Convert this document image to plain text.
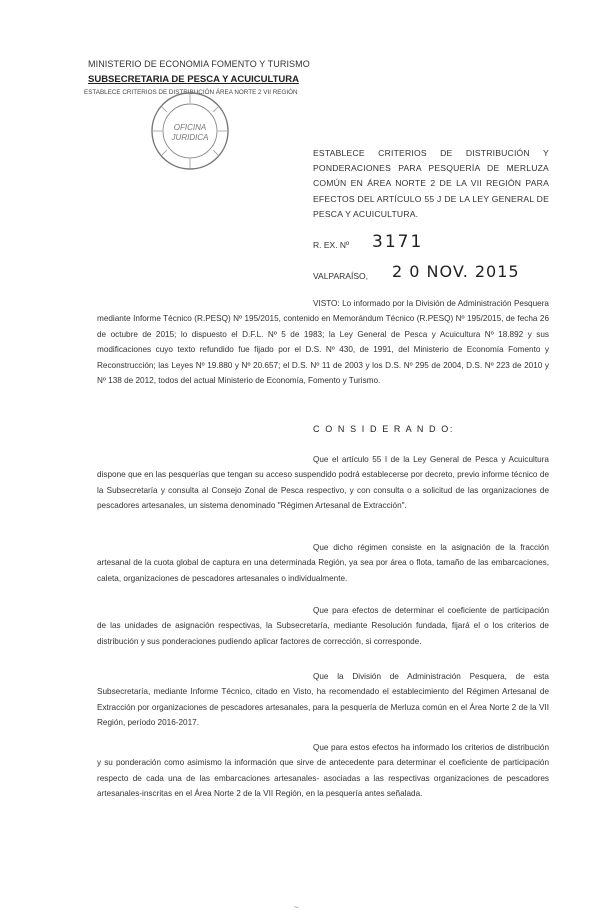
MINISTERIO DE ECONOMIA FOMENTO Y TURISMO
SUBSECRETARIA DE PESCA Y ACUICULTURA
ESTABLECE CRITERIOS DE DISTRIBUCIÓN ÁREA NORTE 2 VII REGIÓN
OFICINA
JURIDICA
ESTABLECE CRITERIOS DE DISTRIBUCIÓN Y PONDERACIONES PARA PESQUERÍA DE MERLUZA COMÚN EN ÁREA NORTE 2 DE LA VII REGIÓN PARA EFECTOS DEL ARTÍCULO 55 J DE LA LEY GENERAL DE PESCA Y ACUICULTURA.
R. EX. Nº 3171
VALPARAÍSO, 2 0 NOV. 2015
VISTO: Lo informado por la División de Administración Pesquera mediante Informe Técnico (R.PESQ) Nº 195/2015, contenido en Memorándum Técnico (R.PESQ) Nº 195/2015, de fecha 26 de octubre de 2015; lo dispuesto el D.F.L. Nº 5 de 1983; la Ley General de Pesca y Acuicultura Nº 18.892 y sus modificaciones cuyo texto refundido fue fijado por el D.S. Nº 430, de 1991, del Ministerio de Economía Fomento y Reconstrucción; las Leyes Nº 19.880 y Nº 20.657; el D.S. Nº 11 de 2003 y los D.S. Nº 295 de 2004, D.S. Nº 223 de 2010 y Nº 138 de 2012, todos del actual Ministerio de Economía, Fomento y Turismo.
C O N S I D E R A N D O:
Que el artículo 55 I de la Ley General de Pesca y Acuicultura dispone que en las pesquerías que tengan su acceso suspendido podrá establecerse por decreto, previo informe técnico de la Subsecretaría y consulta al Consejo Zonal de Pesca respectivo, y con consulta o a solicitud de las organizaciones de pescadores artesanales, un sistema denominado "Régimen Artesanal de Extracción".
Que dicho régimen consiste en la asignación de la fracción artesanal de la cuota global de captura en una determinada Región, ya sea por área o flota, tamaño de las embarcaciones, caleta, organizaciones de pescadores artesanales o individualmente.
Que para efectos de determinar el coeficiente de participación de las unidades de asignación respectivas, la Subsecretaría, mediante Resolución fundada, fijará el o los criterios de distribución y sus ponderaciones pudiendo aplicar factores de corrección, si corresponde.
Que la División de Administración Pesquera, de esta Subsecretaría, mediante Informe Técnico, citado en Visto, ha recomendado el establecimiento del Régimen Artesanal de Extracción por organizaciones de pescadores artesanales, para la pesquería de Merluza común en el Área Norte 2 de la VII Región, período 2016-2017.
Que para estos efectos ha informado los criterios de distribución y su ponderación como asimismo la información que sirve de antecedente para determinar el coeficiente de participación respecto de cada una de las embarcaciones artesanales- asociadas a las respectivas organizaciones de pescadores artesanales-inscritas en el Área Norte 2 de la VII Región, en la pesquería antes señalada.
~
